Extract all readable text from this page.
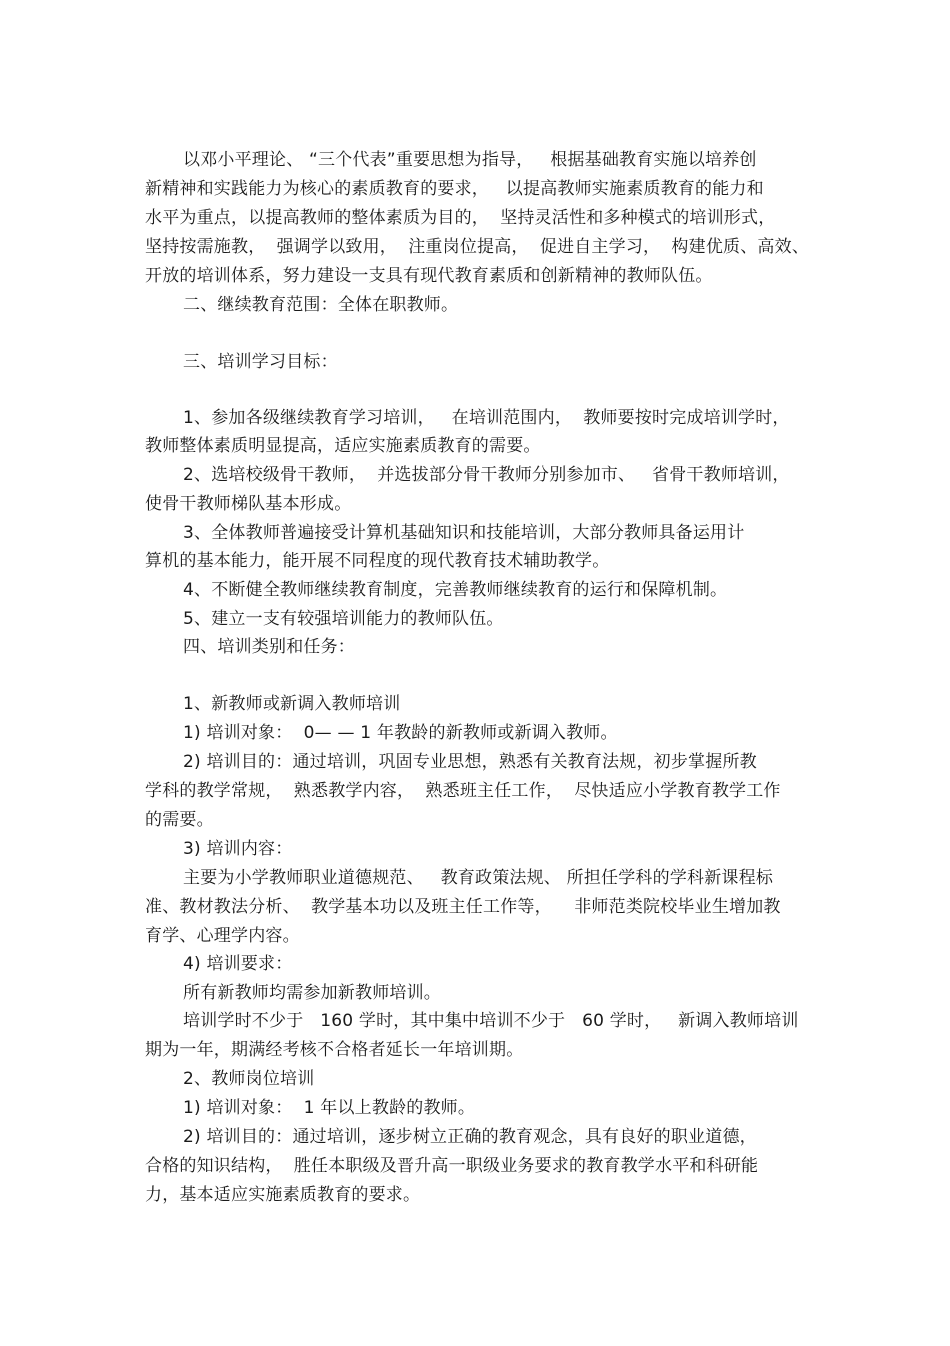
以邓小平理论、 “三个代表”重要思想为指导，   根据基础教育实施以培养创

新精神和实践能力为核心的素质教育的要求，   以提高教师实施素质教育的能力和

水平为重点，以提高教师的整体素质为目的，  坚持灵活性和多种模式的培训形式，

坚持按需施教，  强调学以致用，  注重岗位提高，  促进自主学习，  构建优质、高效、

开放的培训体系，努力建设一支具有现代教育素质和创新精神的教师队伍。

二、继续教育范围：全体在职教师。

三、培训学习目标：

1、参加各级继续教育学习培训，   在培训范围内，  教师要按时完成培训学时，

教师整体素质明显提高，适应实施素质教育的需要。

2、选培校级骨干教师，  并选拔部分骨干教师分别参加市、   省骨干教师培训，

使骨干教师梯队基本形成。

3、全体教师普遍接受计算机基础知识和技能培训，大部分教师具备运用计

算机的基本能力，能开展不同程度的现代教育技术辅助教学。

4、不断健全教师继续教育制度，完善教师继续教育的运行和保障机制。

5、建立一支有较强培训能力的教师队伍。

四、培训类别和任务：

1、新教师或新调入教师培训

1) 培训对象：  0— — 1 年教龄的新教师或新调入教师。

2) 培训目的：通过培训，巩固专业思想，熟悉有关教育法规，初步掌握所教

学科的教学常规，  熟悉教学内容，  熟悉班主任工作，  尽快适应小学教育教学工作

的需要。

3) 培训内容：

主要为小学教师职业道德规范、   教育政策法规、 所担任学科的学科新课程标

准、教材教法分析、  教学基本功以及班主任工作等，    非师范类院校毕业生增加教

育学、心理学内容。

4) 培训要求：

所有新教师均需参加新教师培训。

培训学时不少于   160 学时，其中集中培训不少于   60 学时，   新调入教师培训

期为一年，期满经考核不合格者延长一年培训期。

2、教师岗位培训

1) 培训对象：  1 年以上教龄的教师。

2) 培训目的：通过培训，逐步树立正确的教育观念，具有良好的职业道德，

合格的知识结构，  胜任本职级及晋升高一职级业务要求的教育教学水平和科研能

力，基本适应实施素质教育的要求。
